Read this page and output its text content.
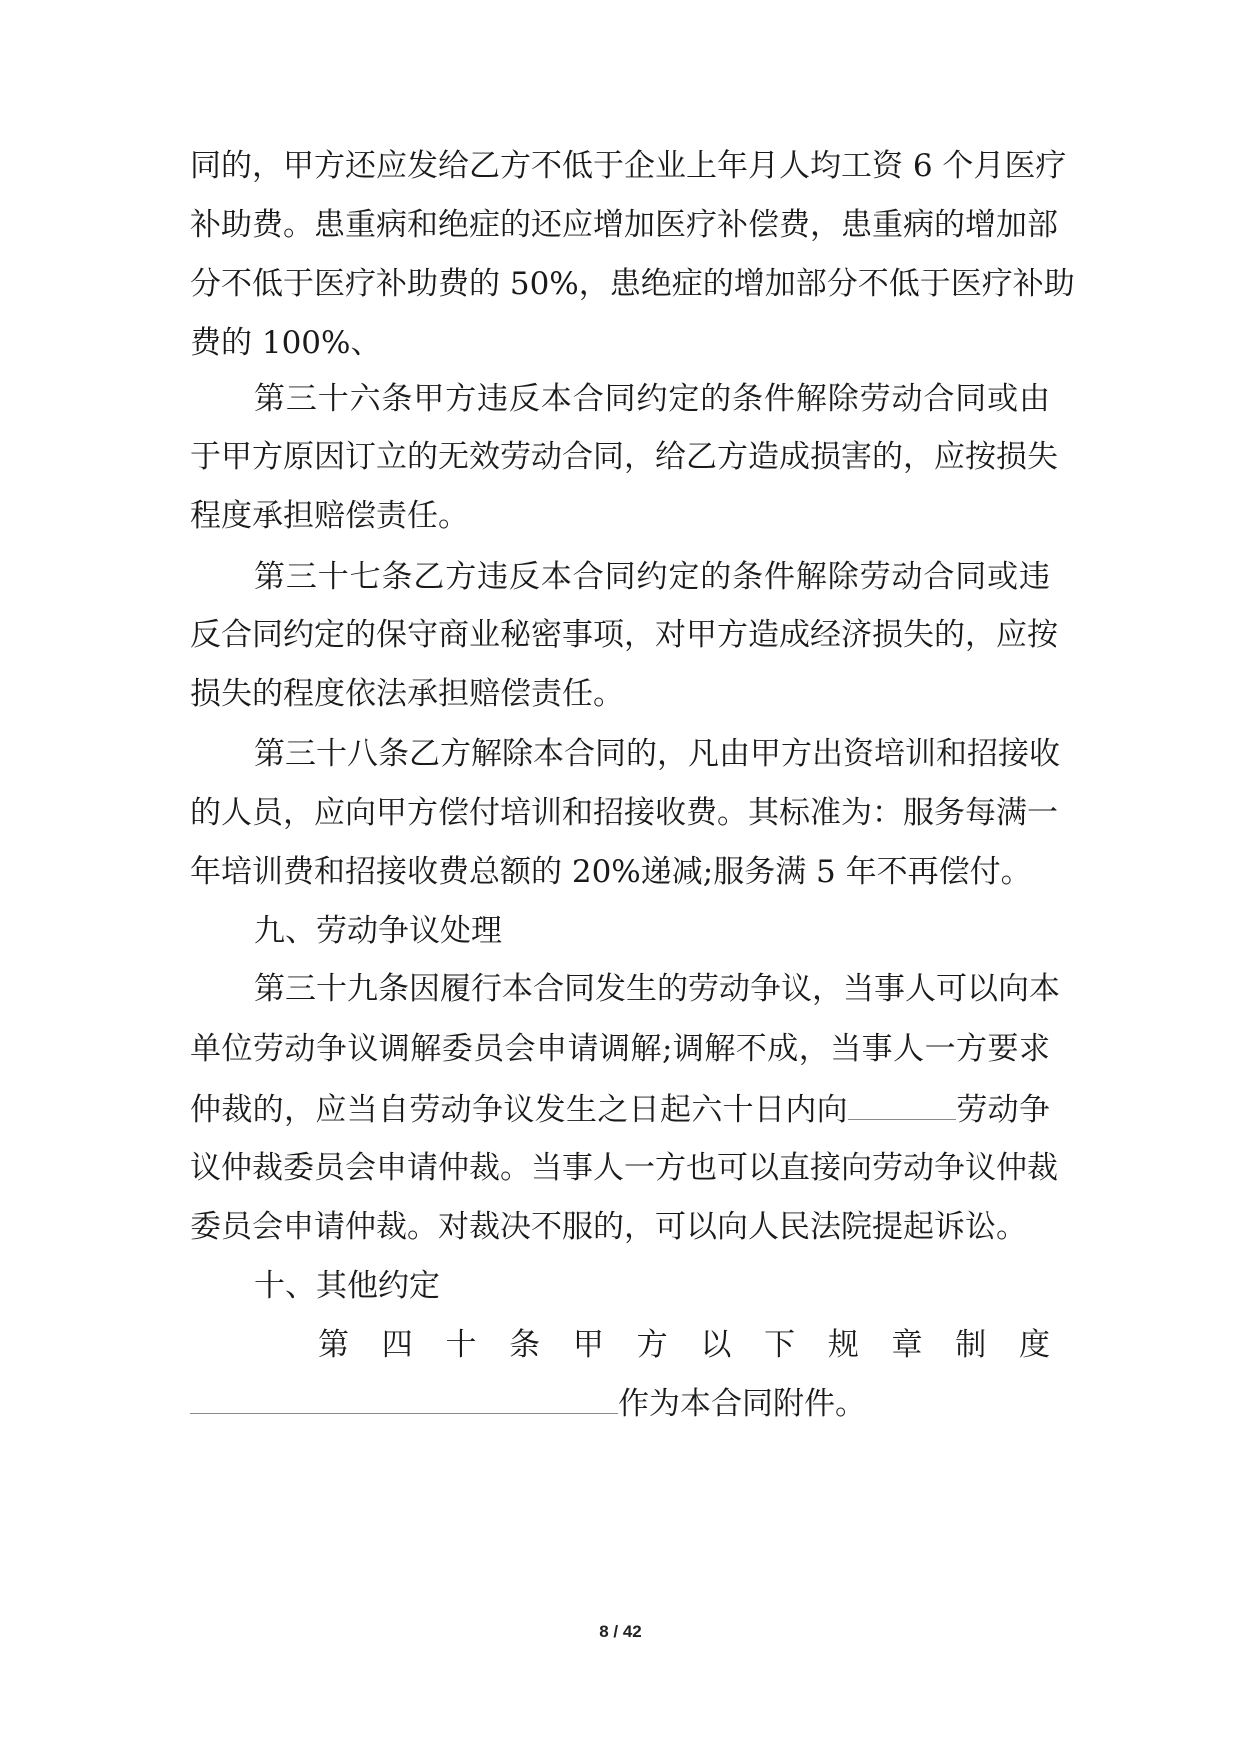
同的，甲方还应发给乙方不低于企业上年月人均工资 6 个月医疗
补助费。患重病和绝症的还应增加医疗补偿费，患重病的增加部
分不低于医疗补助费的 50%，患绝症的增加部分不低于医疗补助
费的 100%、
第三十六条甲方违反本合同约定的条件解除劳动合同或由
于甲方原因订立的无效劳动合同，给乙方造成损害的，应按损失
程度承担赔偿责任。
第三十七条乙方违反本合同约定的条件解除劳动合同或违
反合同约定的保守商业秘密事项，对甲方造成经济损失的，应按
损失的程度依法承担赔偿责任。
第三十八条乙方解除本合同的，凡由甲方出资培训和招接收
的人员，应向甲方偿付培训和招接收费。其标准为：服务每满一
年培训费和招接收费总额的 20%递减;服务满 5 年不再偿付。
九、劳动争议处理
第三十九条因履行本合同发生的劳动争议，当事人可以向本
单位劳动争议调解委员会申请调解;调解不成，当事人一方要求
仲裁的，应当自劳动争议发生之日起六十日内向	劳动争
议仲裁委员会申请仲裁。当事人一方也可以直接向劳动争议仲裁
委员会申请仲裁。对裁决不服的，可以向人民法院提起诉讼。
十、其他约定
第四十条甲方以下规章制度
作为本合同附件。
8 / 42
